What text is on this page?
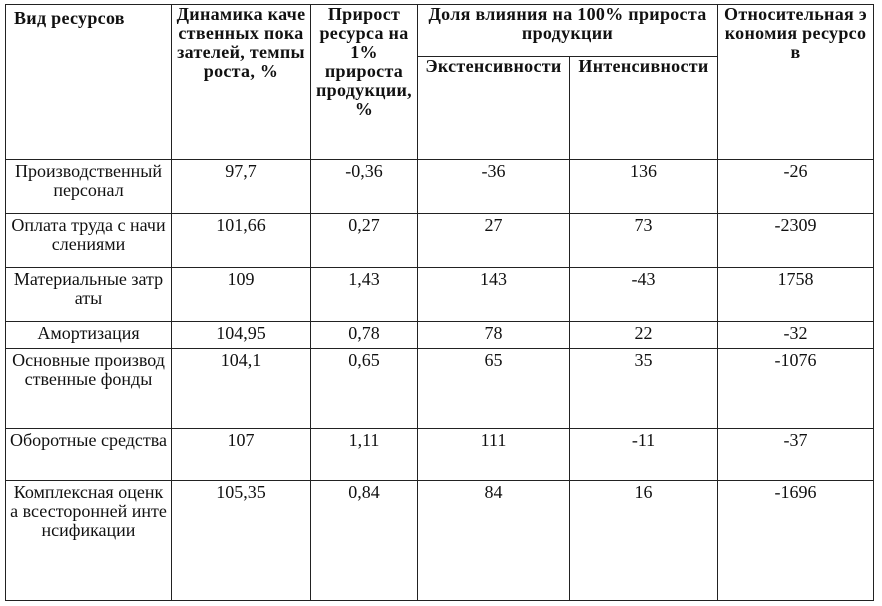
Вид ресурсов	Динамика качественных показателей, темпы роста, %	Прирост ресурса на 1% прироста продукции, %	Доля влияния на 100% прироста продукции		Относительная экономия ресурсов
			Экстенсивности	Интенсивности	
Производственный персонал	97,7	-0,36	-36	136	-26
Оплата труда с начислениями	101,66	0,27	27	73	-2309
Материальные затраты	109	1,43	143	-43	1758
Амортизация	104,95	0,78	78	22	-32
Основные производственные фонды	104,1	0,65	65	35	-1076
Оборотные средства	107	1,11	111	-11	-37
Комплексная оценка всесторонней интенсификации	105,35	0,84	84	16	-1696
